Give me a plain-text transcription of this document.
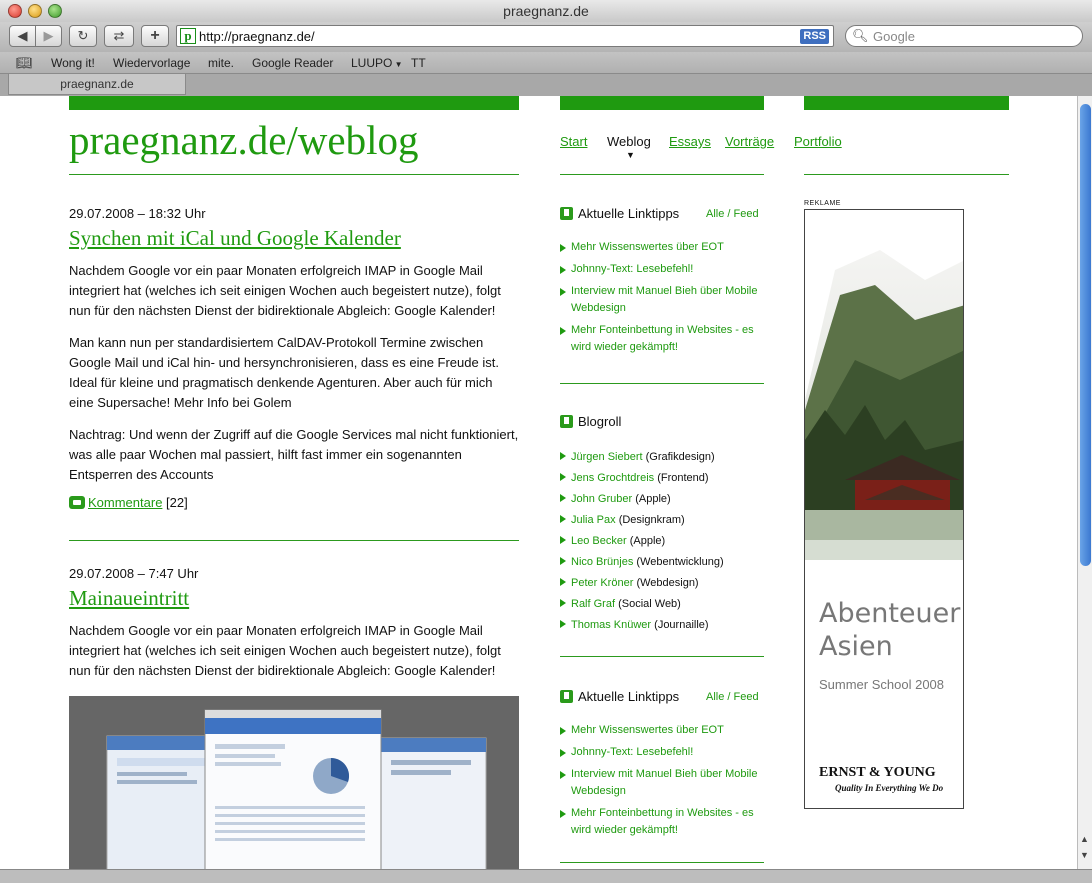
praegnanz.de
◀ ▶ ↻ ⇄ +	p http://praegnanz.de/	RSS 🔍︎ Google
📖︎ Wong it! Wiedervorlage mite. Google Reader LUUPO ▼ TT
praegnanz.de
praegnanz.de/weblog	Start Weblog
▼
Essays Vorträge Portfolio
29.07.2008 – 18:32 Uhr
Synchen mit iCal und Google Kalender

Nachdem Google vor ein paar Monaten erfolgreich IMAP in Google Mail integriert hat (welches ich seit einigen Wochen auch begeistert nutze), folgt nun für den nächsten Dienst der bidirektionale Abgleich: Google Kalender!

Man kann nun per standardisiertem CalDAV-Protokoll Termine zwischen Google Mail und iCal hin- und hersynchronisieren, dass es eine Freude ist. Ideal für kleine und pragmatisch denkende Agenturen. Aber auch für mich eine Supersache! Mehr Info bei Golem

Nachtrag: Und wenn der Zugriff auf die Google Services mal nicht funktioniert, was alle paar Wochen mal passiert, hilft fast immer ein sogenannten Entsperren des Accounts

Kommentare [22]
29.07.2008 – 7:47 Uhr
Mainaueintritt

Nachdem Google vor ein paar Monaten erfolgreich IMAP in Google Mail integriert hat (welches ich seit einigen Wochen auch begeistert nutze), folgt nun für den nächsten Dienst der bidirektionale Abgleich: Google Kalender!

Aktuelle Linktipps Alle / Feed
Mehr Wissenswertes über EOT
Johnny-Text: Lesebefehl!
Interview mit Manuel Bieh über Mobile Webdesign
Mehr Fonteinbettung in Websites - es wird wieder gekämpft!
Blogroll
Jürgen Siebert (Grafikdesign)
Jens Grochtdreis (Frontend)
John Gruber (Apple)
Julia Pax (Designkram)
Leo Becker (Apple)
Nico Brünjes (Webentwicklung)
Peter Kröner (Webdesign)
Ralf Graf (Social Web)
Thomas Knüwer (Journaille)
Aktuelle Linktipps Alle / Feed
Mehr Wissenswertes über EOT
Johnny-Text: Lesebefehl!
Interview mit Manuel Bieh über Mobile Webdesign
Mehr Fonteinbettung in Websites - es wird wieder gekämpft!
REKLAME
Abenteuer
Asien
Summer School 2008
ERNST & YOUNG
Quality In Everything We Do
▲
▼
